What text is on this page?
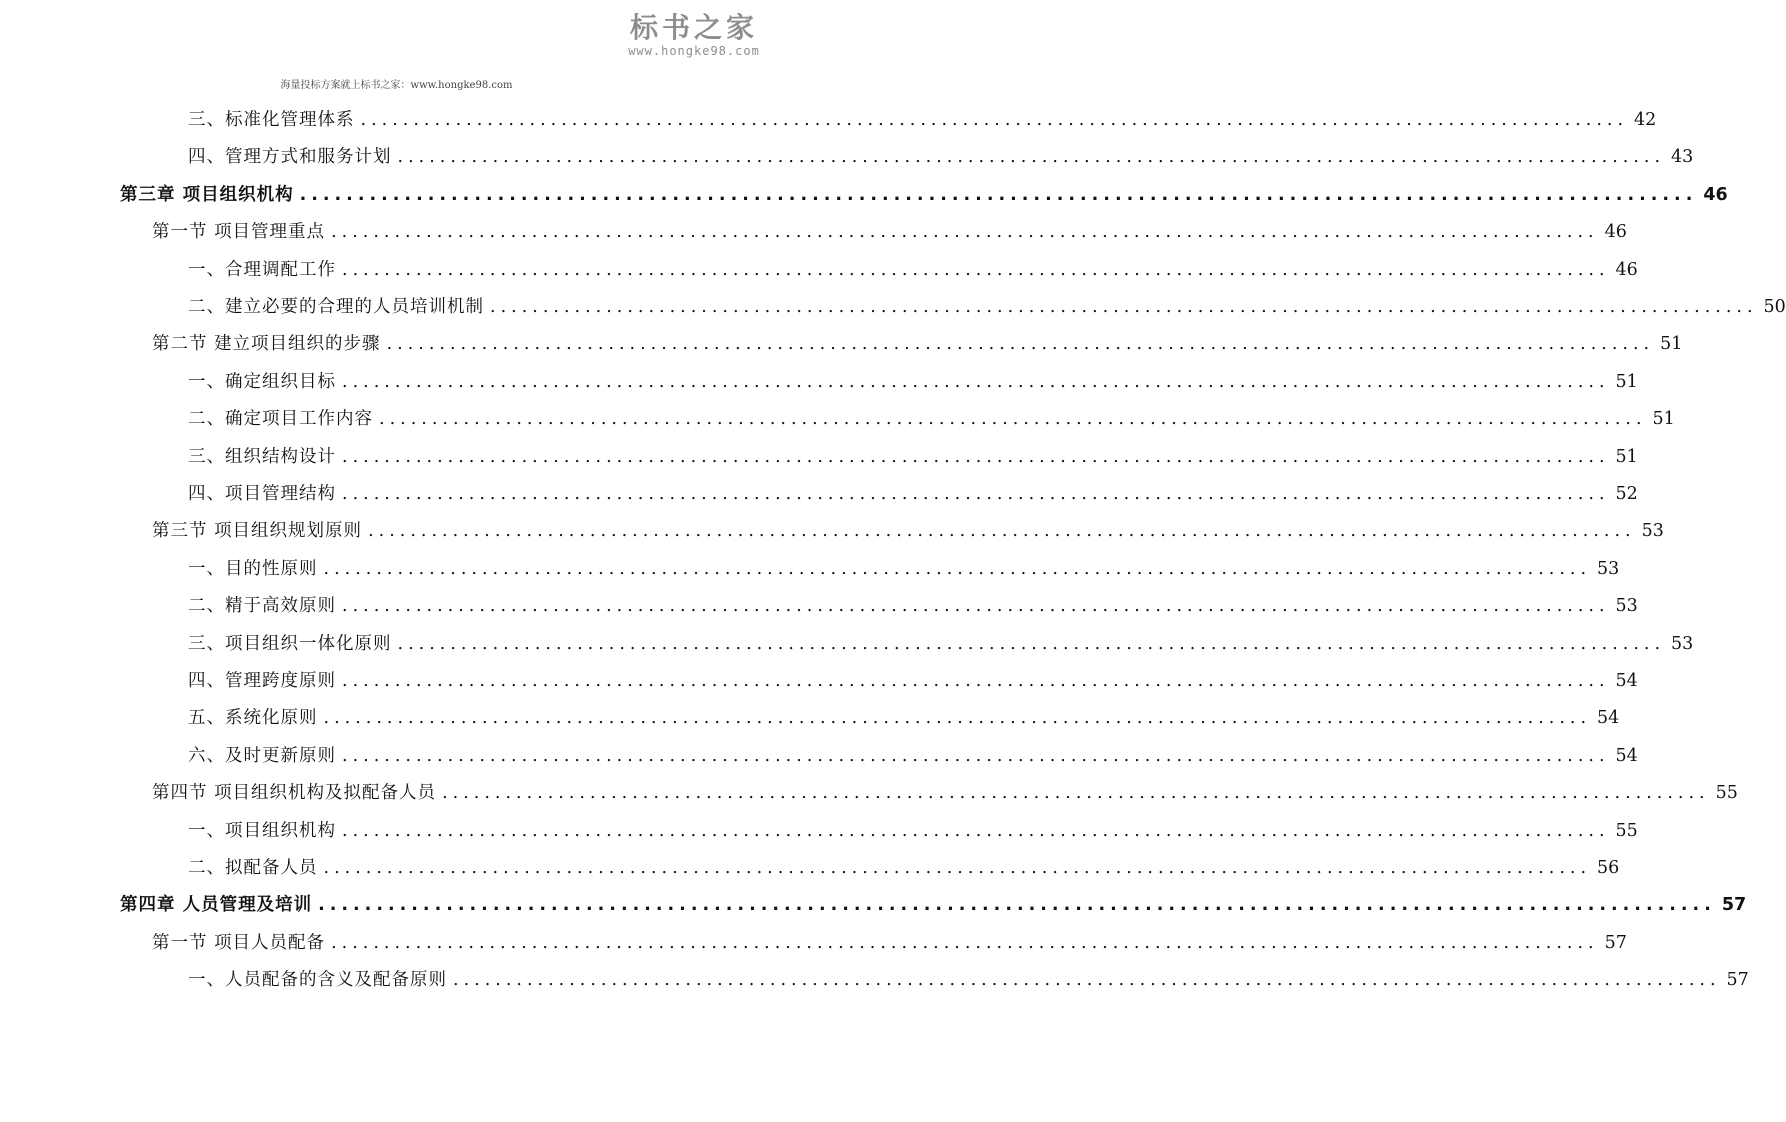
标书之家
www.hongke98.com
海量投标方案就上标书之家：www.hongke98.com
三、标准化管理体系 ........................................................................................................................ 42
四、管理方式和服务计划 ........................................................................................................................ 43
第三章 项目组织机构 ........................................................................................................................ 46
第一节 项目管理重点 ........................................................................................................................ 46
一、合理调配工作 ........................................................................................................................ 46
二、建立必要的合理的人员培训机制 ........................................................................................................................ 50
第二节 建立项目组织的步骤 ........................................................................................................................ 51
一、确定组织目标 ........................................................................................................................ 51
二、确定项目工作内容 ........................................................................................................................ 51
三、组织结构设计 ........................................................................................................................ 51
四、项目管理结构 ........................................................................................................................ 52
第三节 项目组织规划原则 ........................................................................................................................ 53
一、目的性原则 ........................................................................................................................ 53
二、精于高效原则 ........................................................................................................................ 53
三、项目组织一体化原则 ........................................................................................................................ 53
四、管理跨度原则 ........................................................................................................................ 54
五、系统化原则 ........................................................................................................................ 54
六、及时更新原则 ........................................................................................................................ 54
第四节 项目组织机构及拟配备人员 ........................................................................................................................ 55
一、项目组织机构 ........................................................................................................................ 55
二、拟配备人员 ........................................................................................................................ 56
第四章 人员管理及培训 ........................................................................................................................ 57
第一节 项目人员配备 ........................................................................................................................ 57
一、人员配备的含义及配备原则 ........................................................................................................................ 57
